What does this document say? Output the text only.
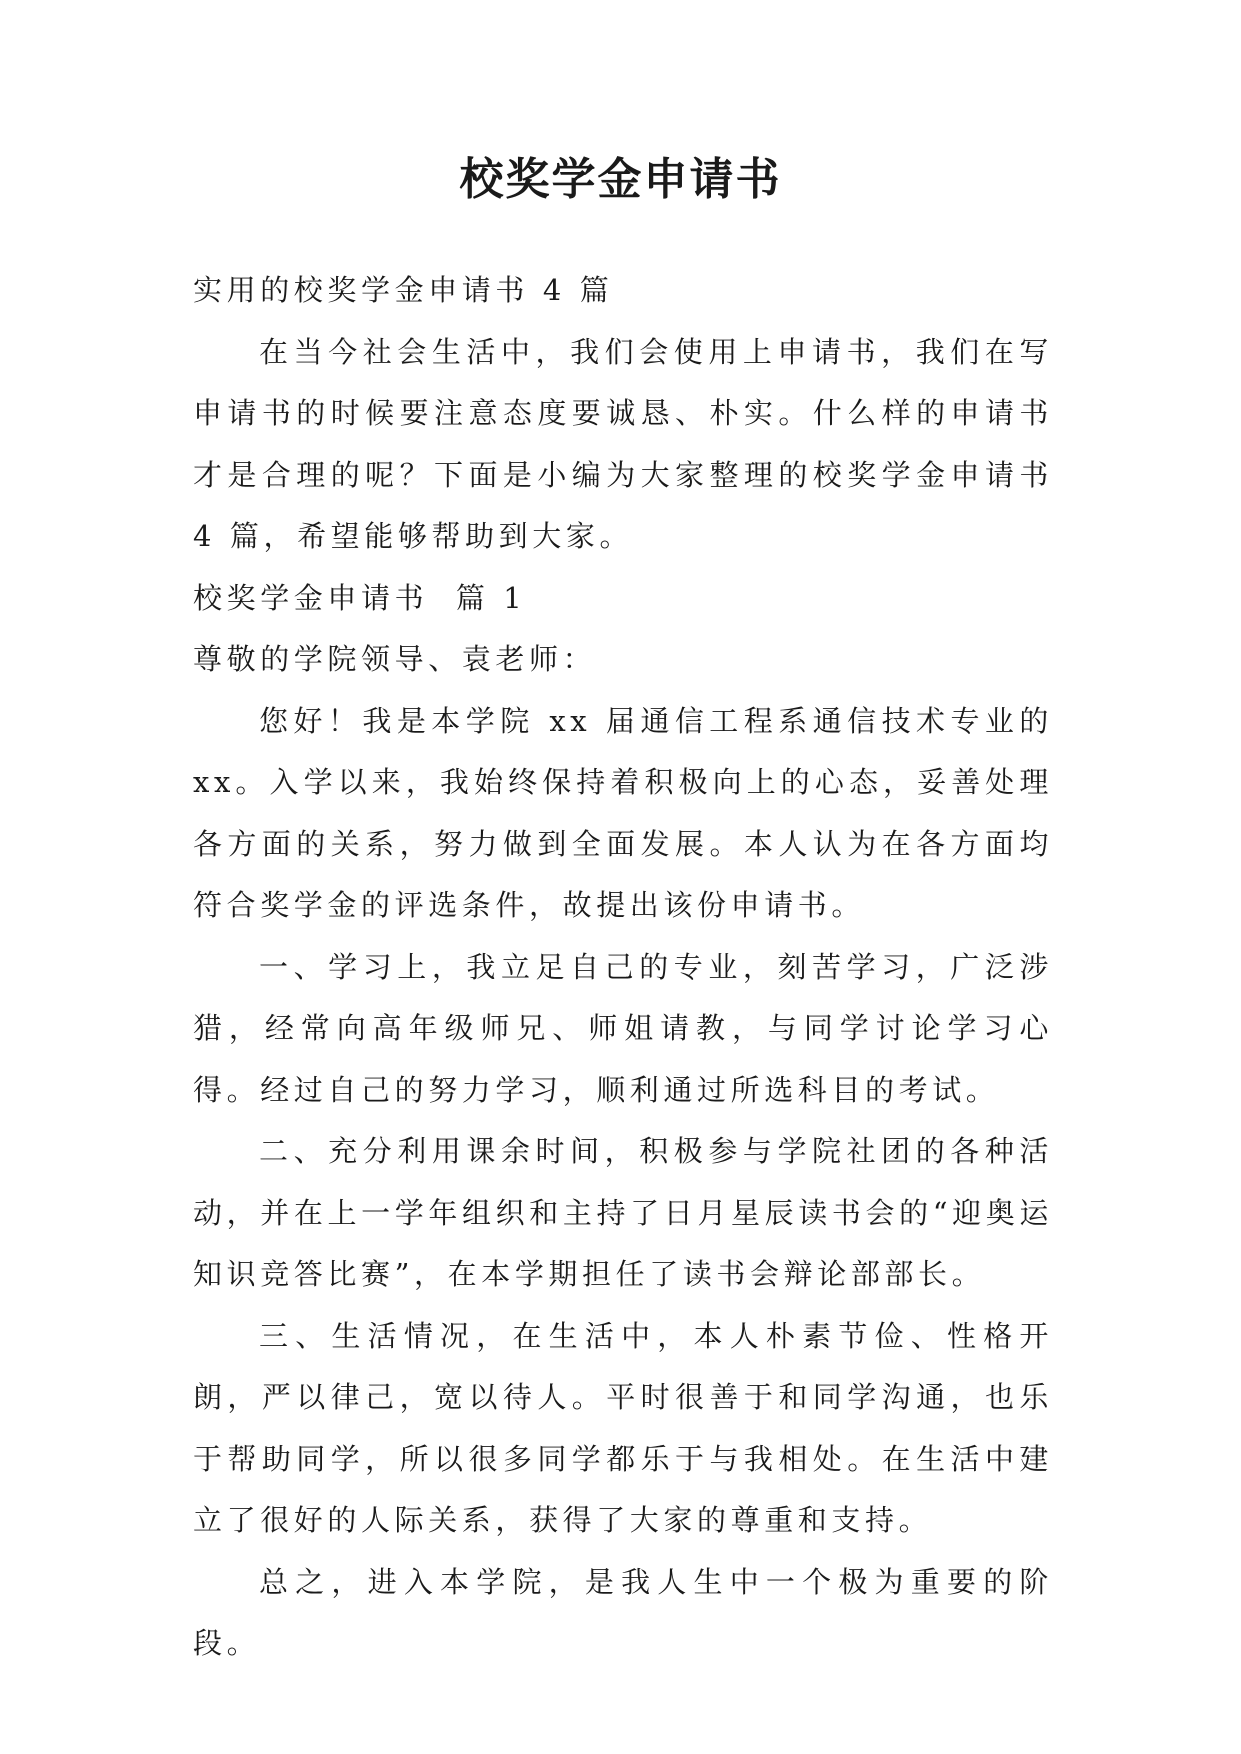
校奖学金申请书

实用的校奖学金申请书 4 篇

在当今社会生活中，我们会使用上申请书，我们在写申请书的时候要注意态度要诚恳、朴实。什么样的申请书才是合理的呢？下面是小编为大家整理的校奖学金申请书 4 篇，希望能够帮助到大家。

校奖学金申请书  篇 1

尊敬的学院领导、袁老师：

您好！我是本学院 xx 届通信工程系通信技术专业的 xx。入学以来，我始终保持着积极向上的心态，妥善处理各方面的关系，努力做到全面发展。本人认为在各方面均符合奖学金的评选条件，故提出该份申请书。

一、学习上，我立足自己的专业，刻苦学习，广泛涉猎，经常向高年级师兄、师姐请教，与同学讨论学习心得。经过自己的努力学习，顺利通过所选科目的考试。

二、充分利用课余时间，积极参与学院社团的各种活动，并在上一学年组织和主持了日月星辰读书会的“迎奥运知识竞答比赛”，在本学期担任了读书会辩论部部长。

三、生活情况，在生活中，本人朴素节俭、性格开朗，严以律己，宽以待人。平时很善于和同学沟通，也乐于帮助同学，所以很多同学都乐于与我相处。在生活中建立了很好的人际关系，获得了大家的尊重和支持。

总之，进入本学院，是我人生中一个极为重要的阶段。
